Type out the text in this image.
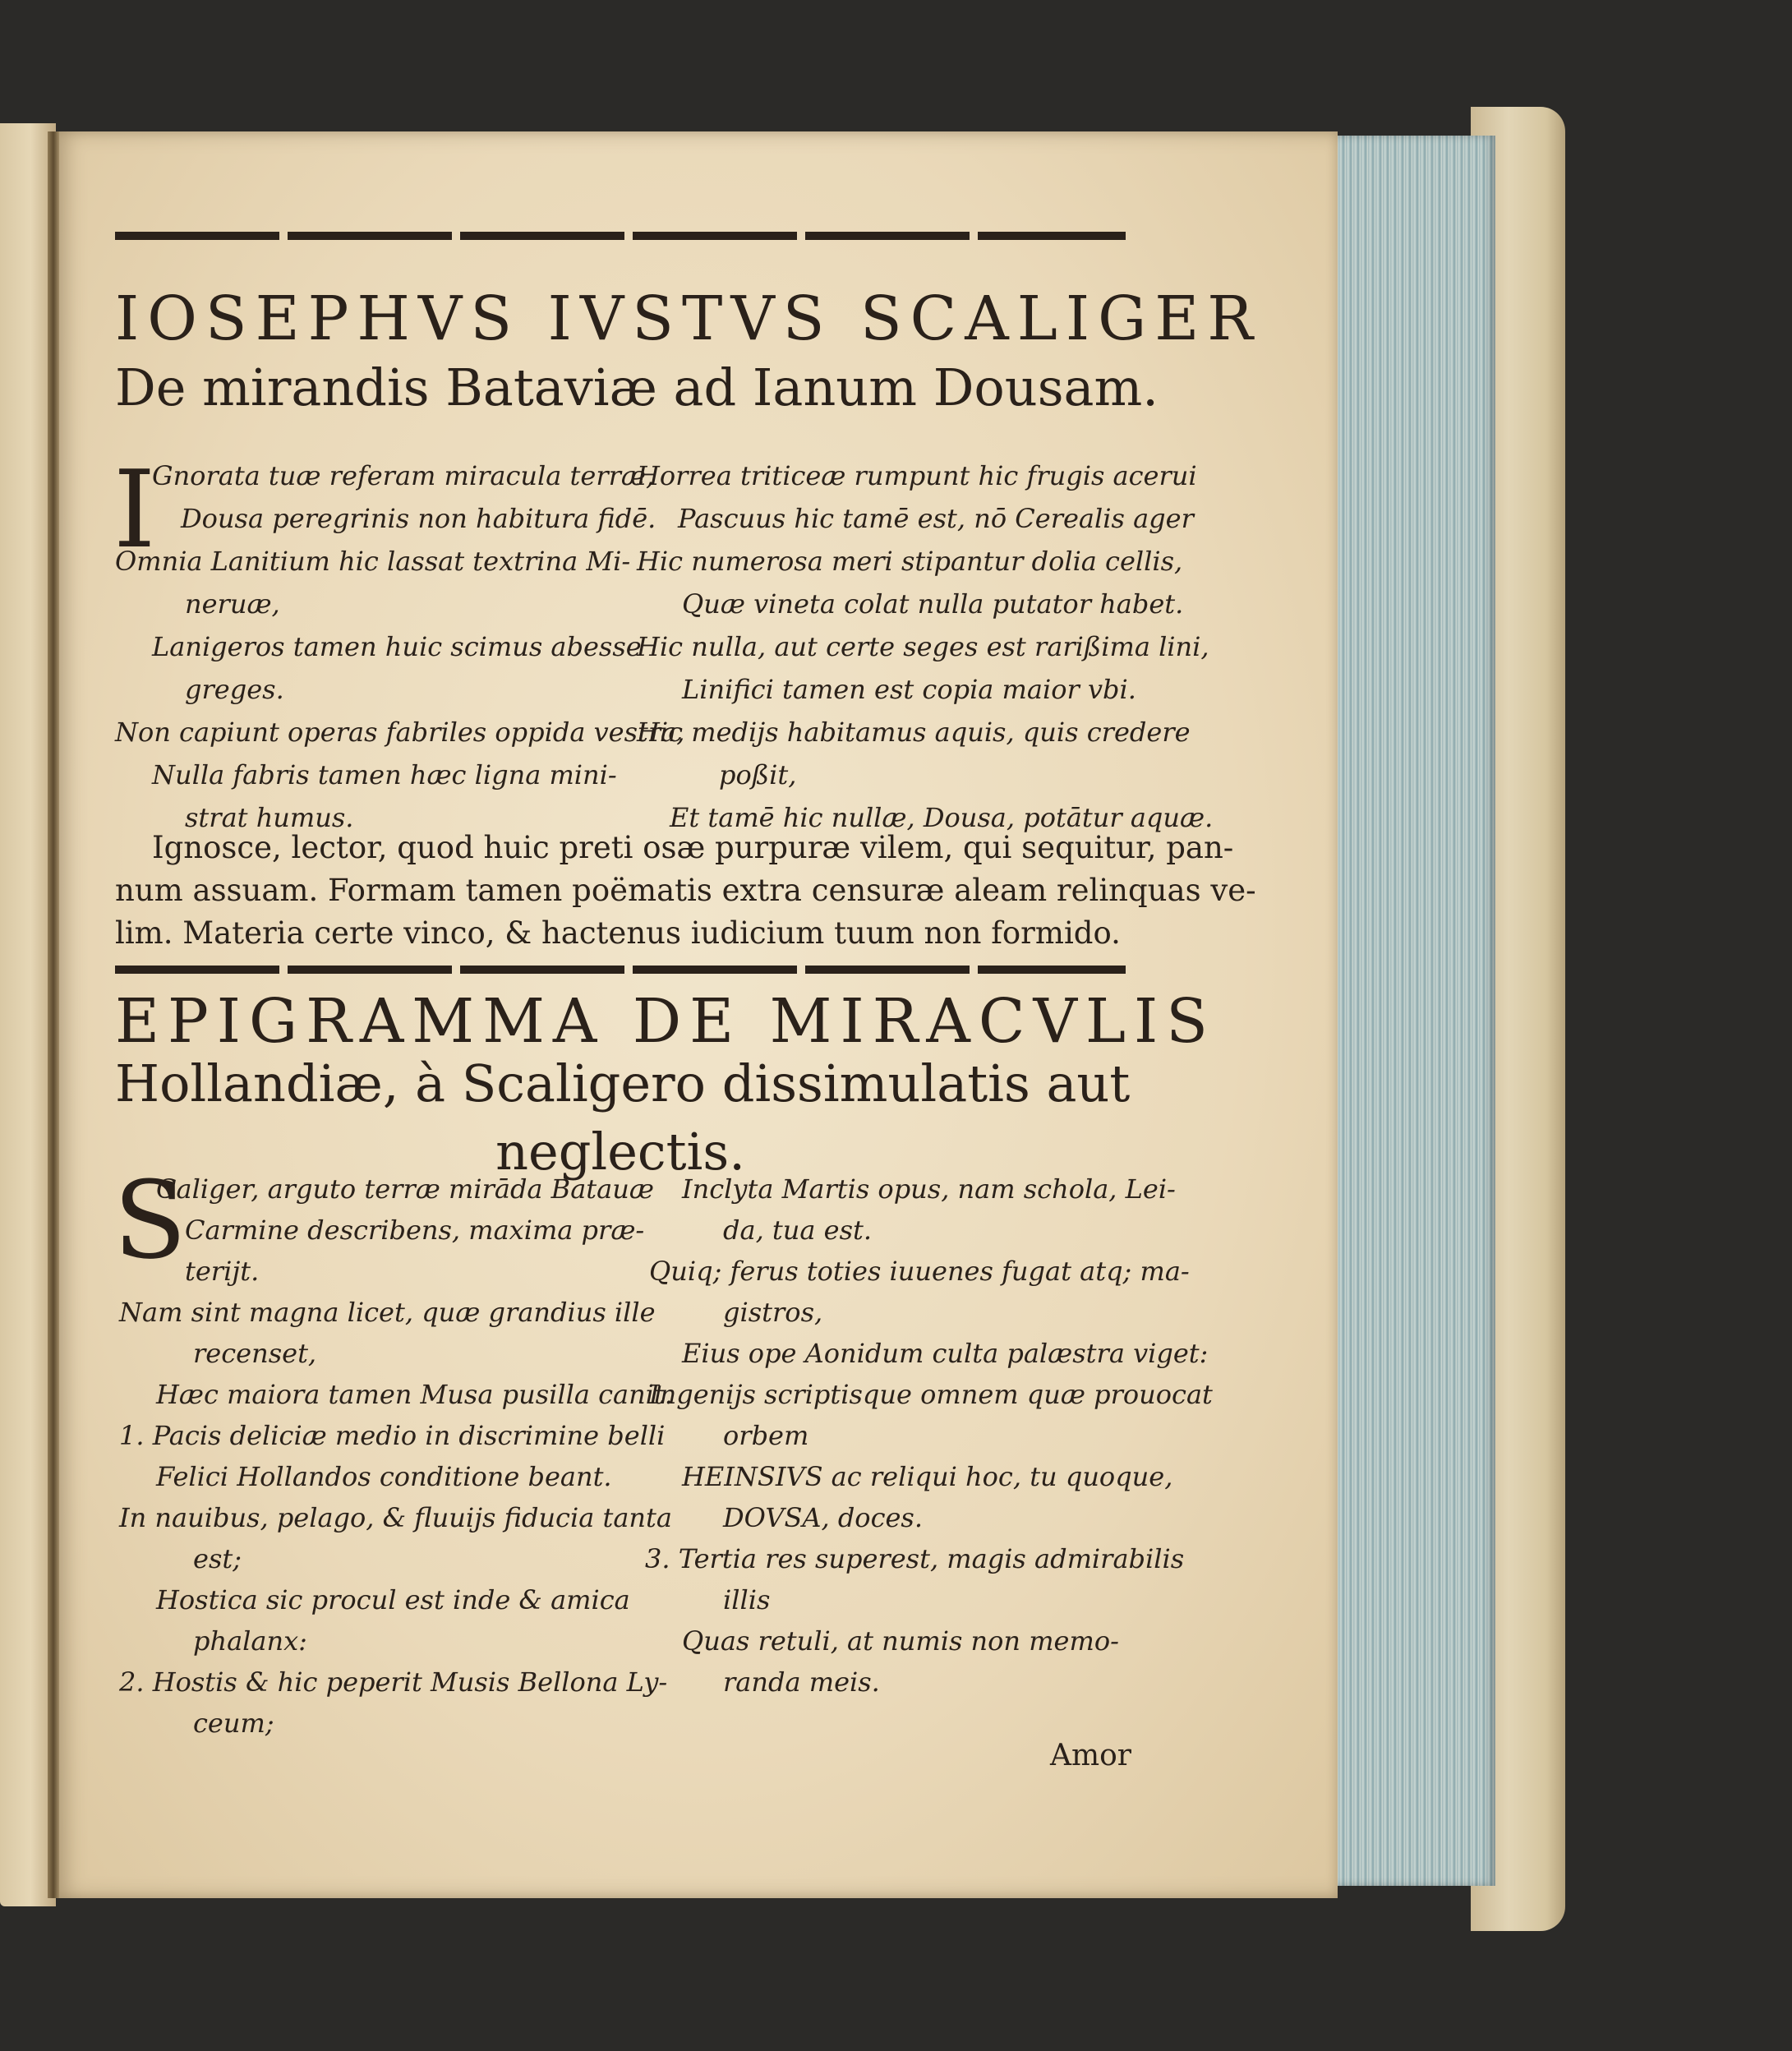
IOSEPHVS IVSTVS SCALIGER
De mirandis Bataviæ ad Ianum Dousam.
I
Gnorata tuæ referam miracula terræ,
Dousa peregrinis non habitura fidē.
Omnia Lanitium hic lassat textrina Mi-
neruæ,
Lanigeros tamen huic scimus abesse
greges.
Non capiunt operas fabriles oppida vestra,
Nulla fabris tamen hæc ligna mini-
strat humus.
Horrea triticeæ rumpunt hic frugis acerui
Pascuus hic tamē est, nō Cerealis ager
Hic numerosa meri stipantur dolia cellis,
Quæ vineta colat nulla putator habet.
Hic nulla, aut certe seges est rarißima lini,
Linifici tamen est copia maior vbi.
Hic medijs habitamus aquis, quis credere
poßit,
Et tamē hic nullæ, Dousa, potātur aquæ.
Ignosce, lector, quod huic preti osæ purpuræ vilem, qui sequitur, pan-
num assuam. Formam tamen poëmatis extra censuræ aleam relinquas ve-
lim. Materia certe vinco, & hactenus iudicium tuum non formido.
EPIGRAMMA DE MIRACVLIS
Hollandiæ, à Scaligero dissimulatis aut
neglectis.
S
Caliger, arguto terræ mirāda Batauæ
Carmine describens, maxima præ-
terijt.
Nam sint magna licet, quæ grandius ille
recenset,
Hæc maiora tamen Musa pusilla canit.
1. Pacis deliciæ medio in discrimine belli
Felici Hollandos conditione beant.
In nauibus, pelago, & fluuijs fiducia tanta
est;
Hostica sic procul est inde & amica
phalanx:
2. Hostis & hic peperit Musis Bellona Ly-
ceum;
Inclyta Martis opus, nam schola, Lei-
da, tua est.
Quiq; ferus toties iuuenes fugat atq; ma-
gistros,
Eius ope Aonidum culta palæstra viget:
Ingenijs scriptisque omnem quæ prouocat
orbem
HEINSIVS ac reliqui hoc, tu quoque,
DOVSA, doces.
3. Tertia res superest, magis admirabilis
illis
Quas retuli, at numis non memo-
randa meis.
Amor
